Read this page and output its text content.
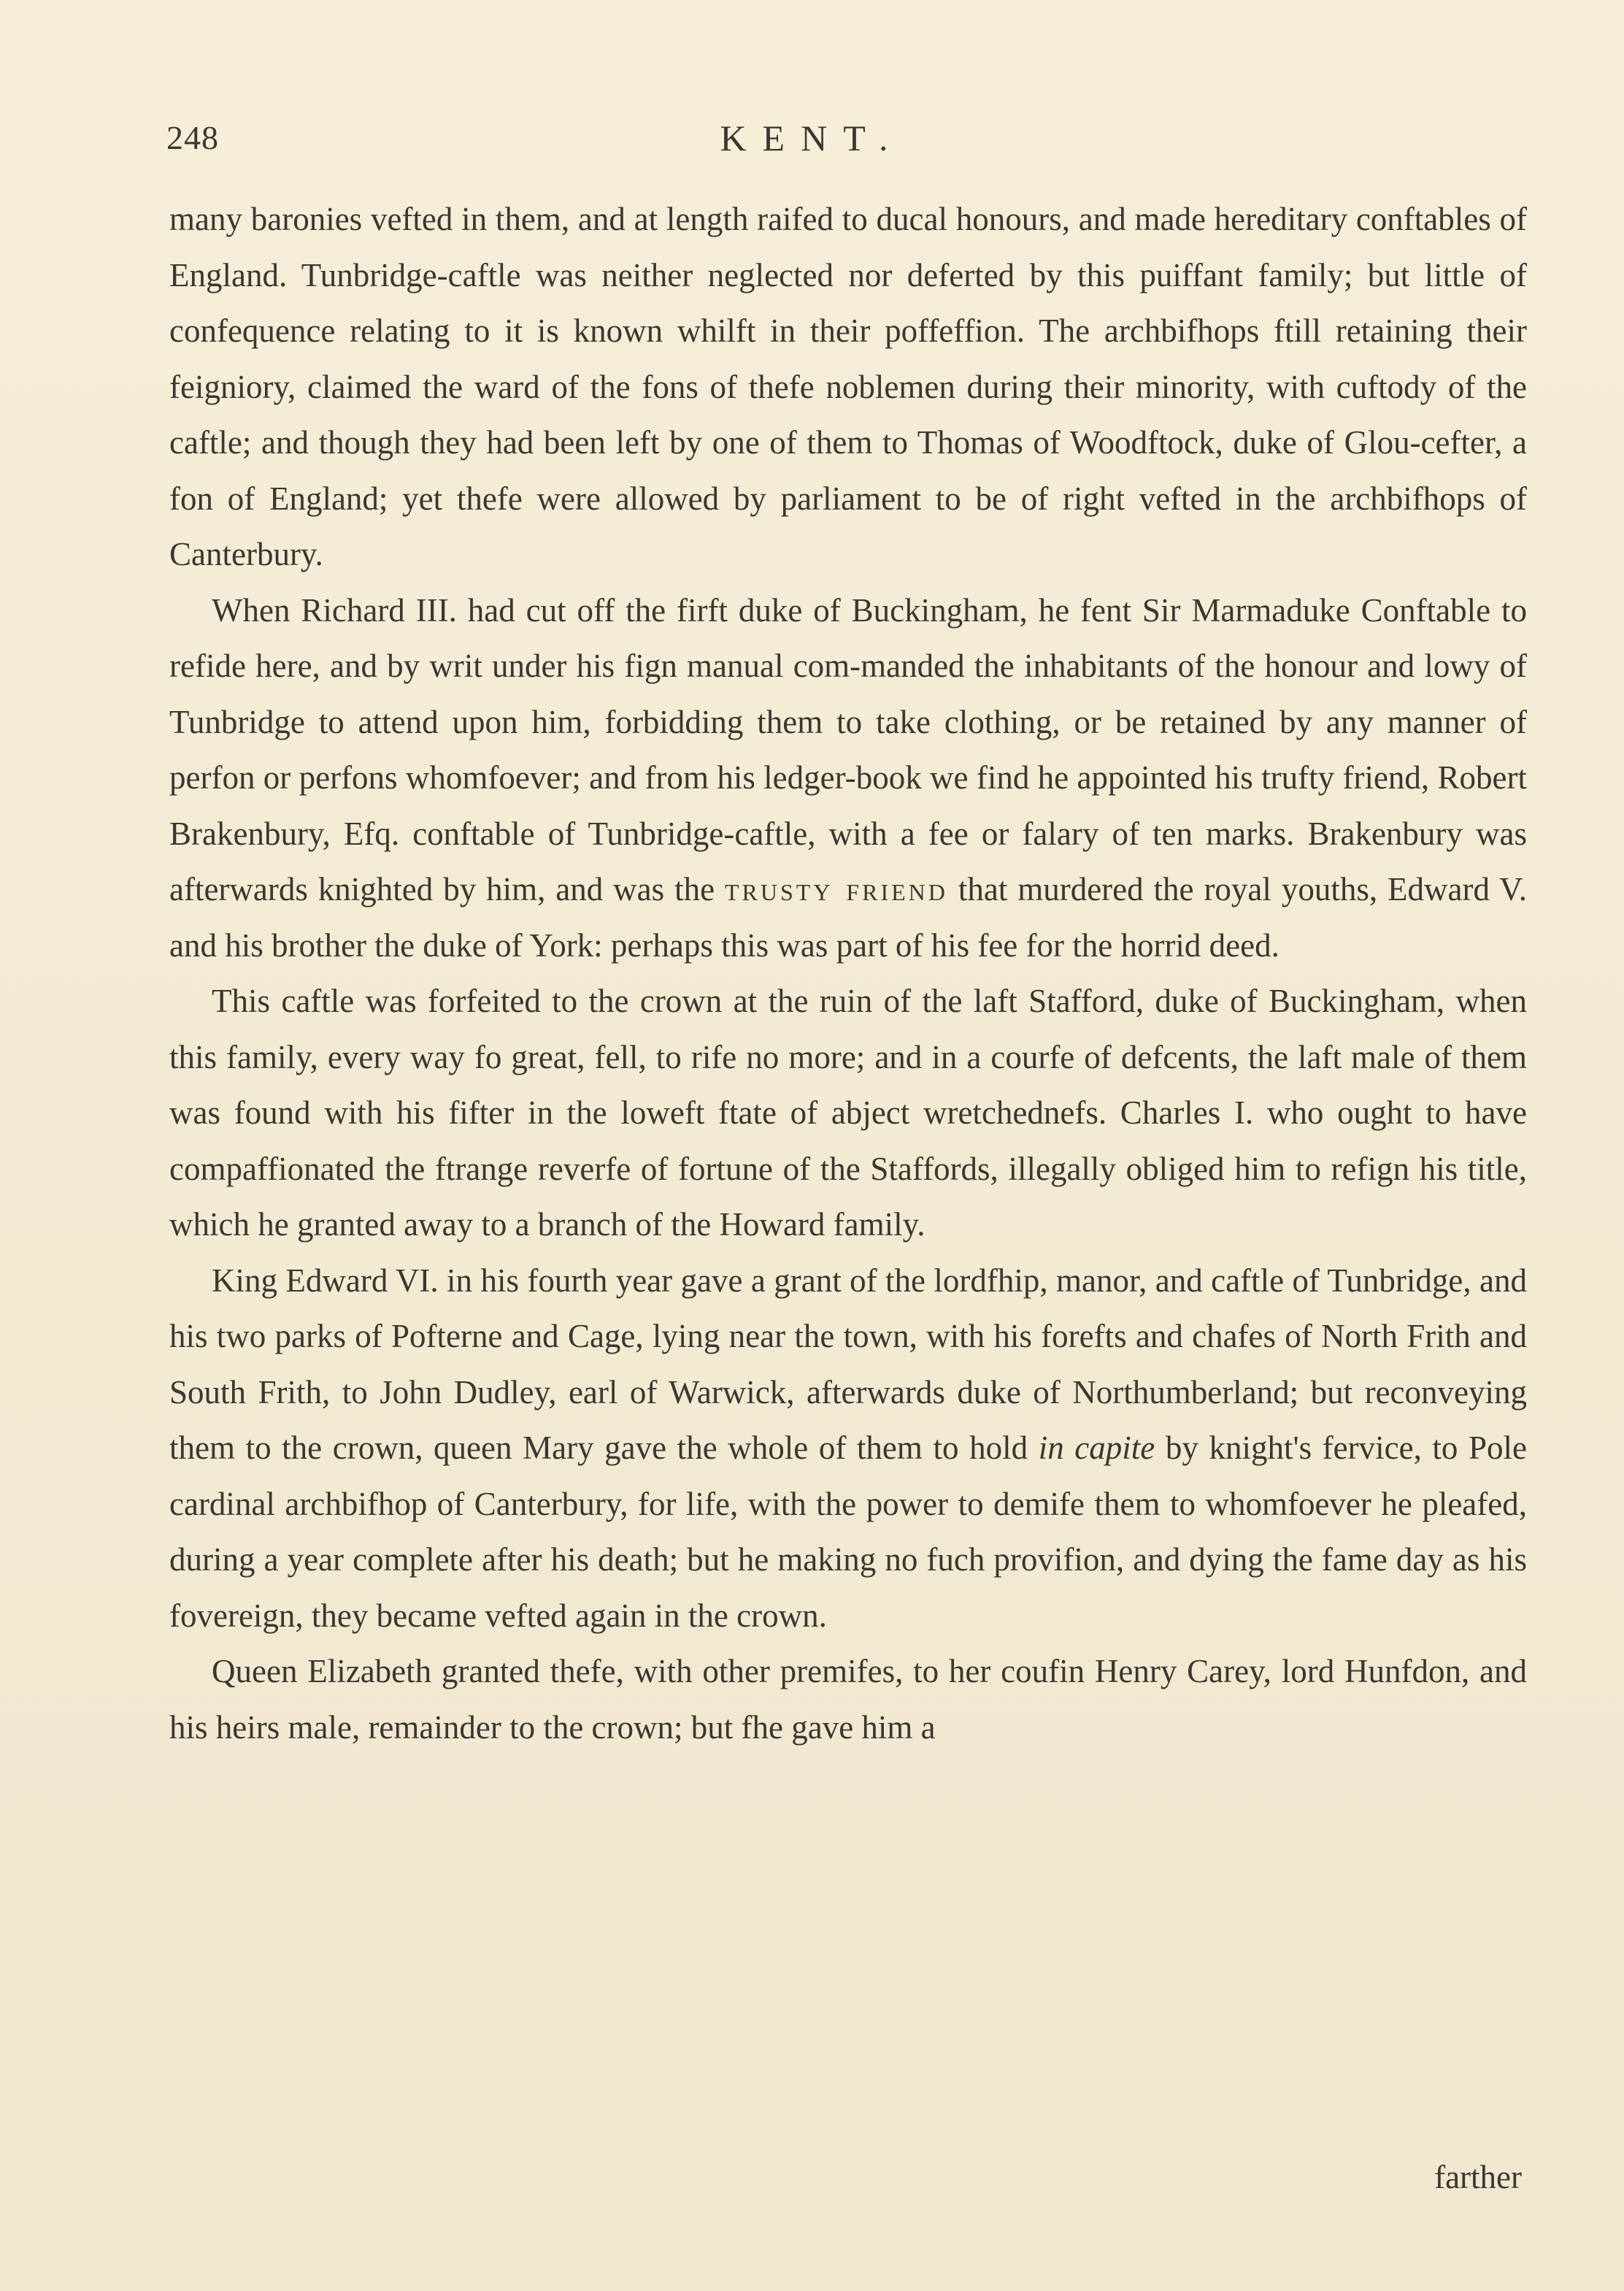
248	KENT.

many baronies vefted in them, and at length raifed to ducal honours, and made hereditary conftables of England. Tunbridge-caftle was neither neglected nor deferted by this puiffant family; but little of confequence relating to it is known whilft in their poffeffion. The archbifhops ftill retaining their feigniory, claimed the ward of the fons of thefe noblemen during their minority, with cuftody of the caftle; and though they had been left by one of them to Thomas of Woodftock, duke of Glou-cefter, a fon of England; yet thefe were allowed by parliament to be of right vefted in the archbifhops of Canterbury.

When Richard III. had cut off the firft duke of Buckingham, he fent Sir Marmaduke Conftable to refide here, and by writ under his fign manual com-manded the inhabitants of the honour and lowy of Tunbridge to attend upon him, forbidding them to take clothing, or be retained by any manner of perfon or perfons whomfoever; and from his ledger-book we find he appointed his trufty friend, Robert Brakenbury, Efq. conftable of Tunbridge-caftle, with a fee or falary of ten marks. Brakenbury was afterwards knighted by him, and was the trusty friend that murdered the royal youths, Edward V. and his brother the duke of York: perhaps this was part of his fee for the horrid deed.

This caftle was forfeited to the crown at the ruin of the laft Stafford, duke of Buckingham, when this family, every way fo great, fell, to rife no more; and in a courfe of defcents, the laft male of them was found with his fifter in the loweft ftate of abject wretchednefs. Charles I. who ought to have compaffionated the ftrange reverfe of fortune of the Staffords, illegally obliged him to refign his title, which he granted away to a branch of the Howard family.

King Edward VI. in his fourth year gave a grant of the lordfhip, manor, and caftle of Tunbridge, and his two parks of Pofterne and Cage, lying near the town, with his forefts and chafes of North Frith and South Frith, to John Dudley, earl of Warwick, afterwards duke of Northumberland; but reconveying them to the crown, queen Mary gave the whole of them to hold in capite by knight's fervice, to Pole cardinal archbifhop of Canterbury, for life, with the power to demife them to whomfoever he pleafed, during a year complete after his death; but he making no fuch provifion, and dying the fame day as his fovereign, they became vefted again in the crown.

Queen Elizabeth granted thefe, with other premifes, to her coufin Henry Carey, lord Hunfdon, and his heirs male, remainder to the crown; but fhe gave him a

farther
